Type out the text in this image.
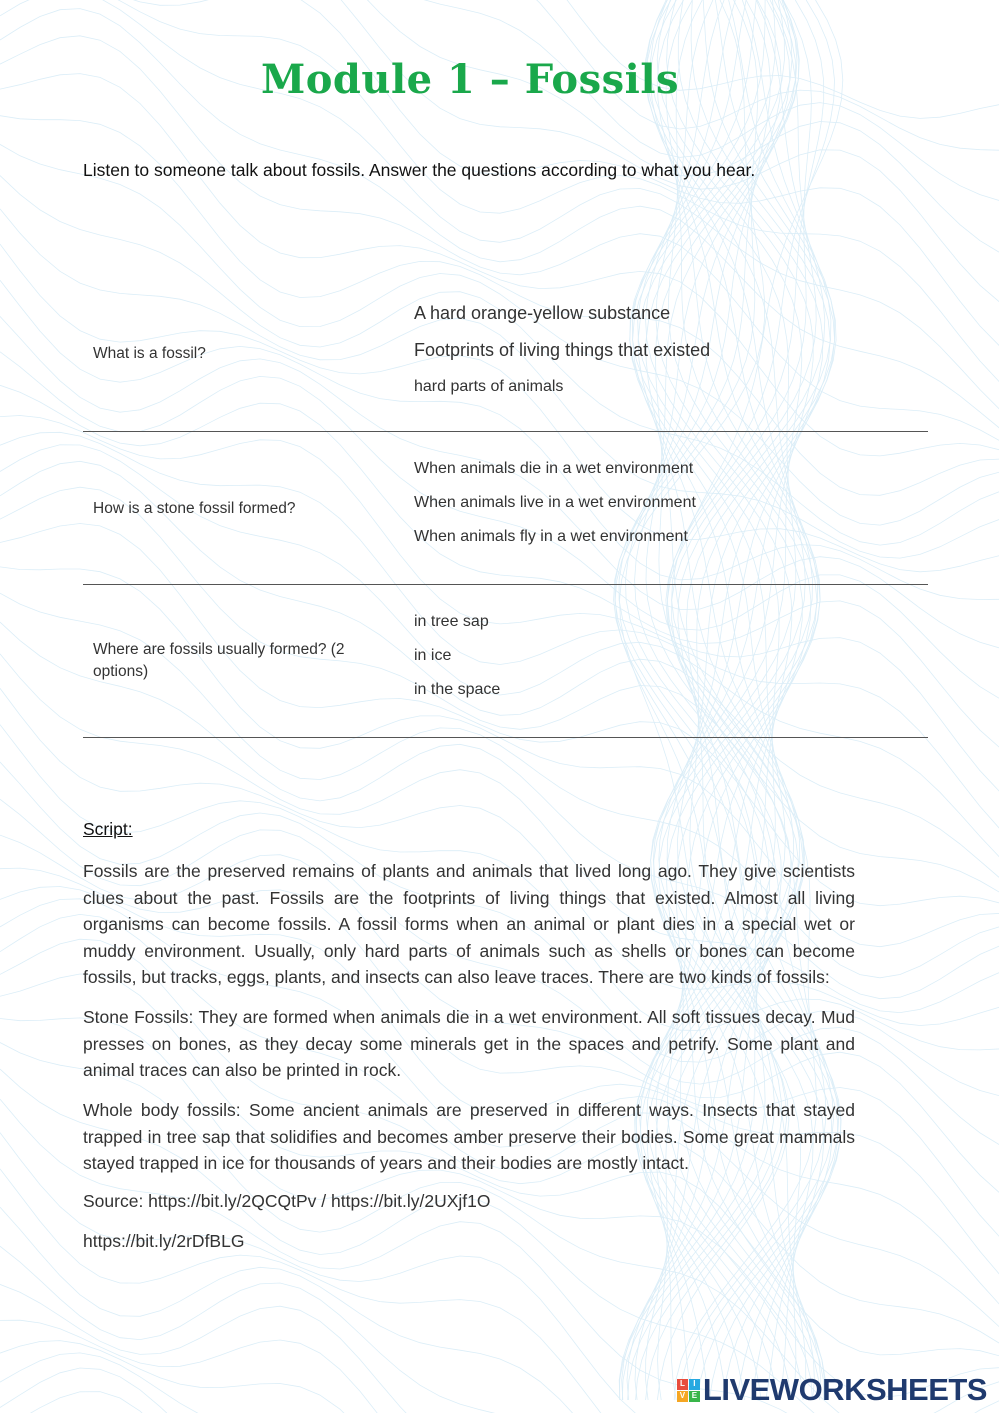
Module 1 – Fossils
Listen to someone talk about fossils. Answer the questions according to what you hear.
What is a fossil?
A hard orange-yellow substance
Footprints of living things that existed
hard parts of animals
How is a stone fossil formed?
When animals die in a wet environment
When animals live in a wet environment
When animals fly in a wet environment
Where are fossils usually formed? (2 options)
in tree sap
in ice
in the space
Script:
Fossils are the preserved remains of plants and animals that lived long ago. They give scientists clues about the past. Fossils are the footprints of living things that existed. Almost all living organisms can become fossils. A fossil forms when an animal or plant dies in a special wet or muddy environment. Usually, only hard parts of animals such as shells or bones can become fossils, but tracks, eggs, plants, and insects can also leave traces. There are two kinds of fossils:
Stone Fossils: They are formed when animals die in a wet environment. All soft tissues decay. Mud presses on bones, as they decay some minerals get in the spaces and petrify. Some plant and animal traces can also be printed in rock.
Whole body fossils: Some ancient animals are preserved in different ways. Insects that stayed trapped in tree sap that solidifies and becomes amber preserve their bodies. Some great mammals stayed trapped in ice for thousands of years and their bodies are mostly intact.
Source: https://bit.ly/2QCQtPv / https://bit.ly/2UXjf1O
https://bit.ly/2rDfBLG
L	I
V E LIVEWORKSHEETS
